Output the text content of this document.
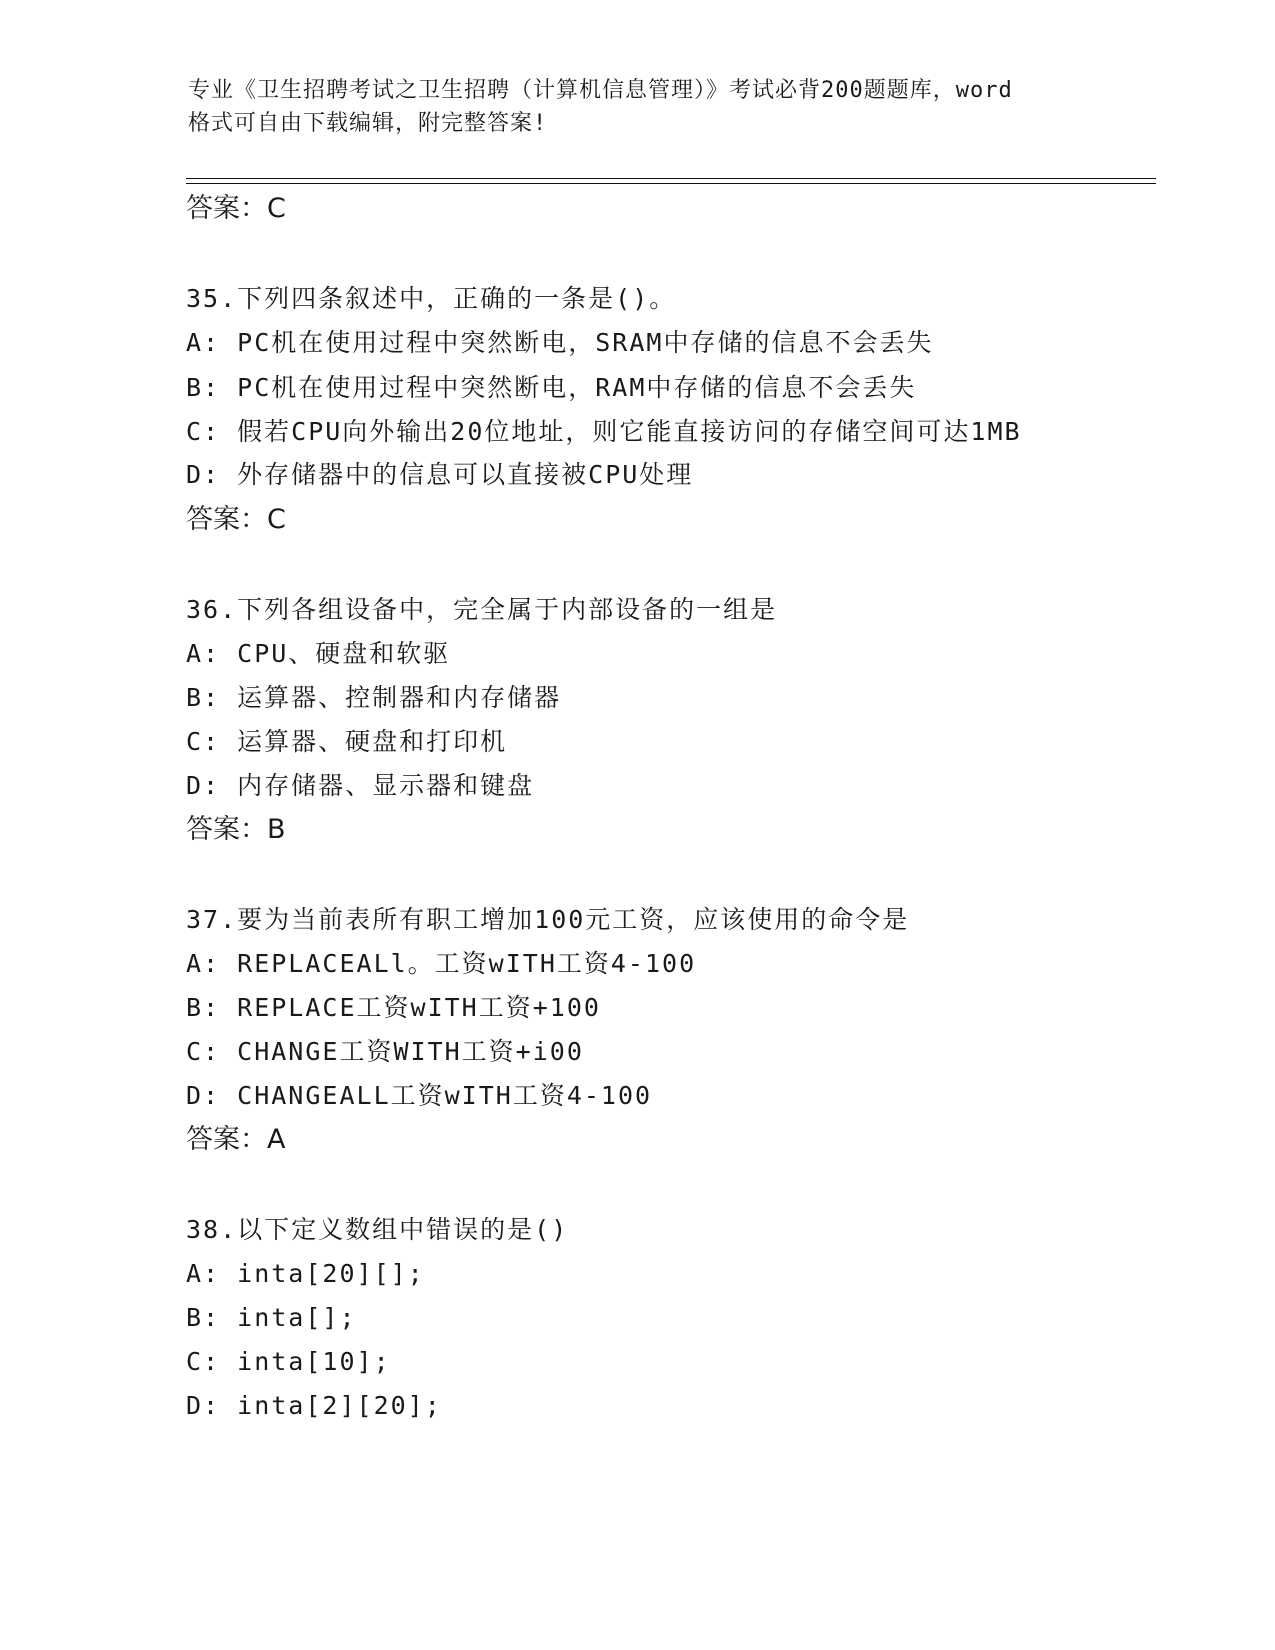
专业《卫生招聘考试之卫生招聘（计算机信息管理）》考试必背200题题库，word
格式可自由下载编辑，附完整答案!
答案：C
35.下列四条叙述中，正确的一条是()。
A: PC机在使用过程中突然断电，SRAM中存储的信息不会丢失
B: PC机在使用过程中突然断电，RAM中存储的信息不会丢失
C: 假若CPU向外输出20位地址，则它能直接访问的存储空间可达1MB
D: 外存储器中的信息可以直接被CPU处理
答案：C
36.下列各组设备中，完全属于内部设备的一组是
A: CPU、硬盘和软驱
B: 运算器、控制器和内存储器
C: 运算器、硬盘和打印机
D: 内存储器、显示器和键盘
答案：B
37.要为当前表所有职工增加100元工资，应该使用的命令是
A: REPLACEALl。工资wITH工资4-100
B: REPLACE工资wITH工资+100
C: CHANGE工资WITH工资+i00
D: CHANGEALL工资wITH工资4-100
答案：A
38.以下定义数组中错误的是()
A: inta[20][];
B: inta[];
C: inta[10];
D: inta[2][20];
